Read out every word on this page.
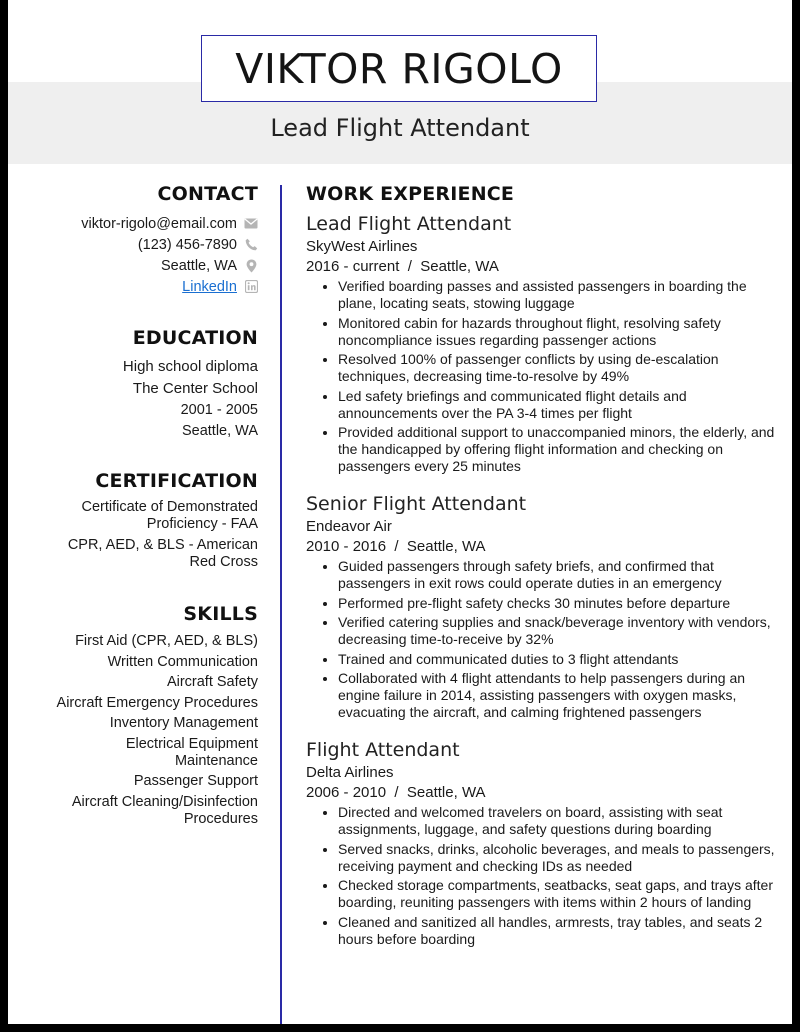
VIKTOR RIGOLO
Lead Flight Attendant
CONTACT
viktor-rigolo@email.com
(123) 456-7890
Seattle, WA
LinkedIn
EDUCATION
High school diploma
The Center School
2001 - 2005
Seattle, WA
CERTIFICATION
Certificate of Demonstrated Proficiency - FAA
CPR, AED, & BLS - American Red Cross
SKILLS
First Aid (CPR, AED, & BLS)
Written Communication
Aircraft Safety
Aircraft Emergency Procedures
Inventory Management
Electrical Equipment Maintenance
Passenger Support
Aircraft Cleaning/Disinfection Procedures
WORK EXPERIENCE
Lead Flight Attendant
SkyWest Airlines
2016 - current  /  Seattle, WA
• Verified boarding passes and assisted passengers in boarding the plane, locating seats, stowing luggage
• Monitored cabin for hazards throughout flight, resolving safety noncompliance issues regarding passenger actions
• Resolved 100% of passenger conflicts by using de-escalation techniques, decreasing time-to-resolve by 49%
• Led safety briefings and communicated flight details and announcements over the PA 3-4 times per flight
• Provided additional support to unaccompanied minors, the elderly, and the handicapped by offering flight information and checking on passengers every 25 minutes
Senior Flight Attendant
Endeavor Air
2010 - 2016  /  Seattle, WA
• Guided passengers through safety briefs, and confirmed that passengers in exit rows could operate duties in an emergency
• Performed pre-flight safety checks 30 minutes before departure
• Verified catering supplies and snack/beverage inventory with vendors, decreasing time-to-receive by 32%
• Trained and communicated duties to 3 flight attendants
• Collaborated with 4 flight attendants to help passengers during an engine failure in 2014, assisting passengers with oxygen masks, evacuating the aircraft, and calming frightened passengers
Flight Attendant
Delta Airlines
2006 - 2010  /  Seattle, WA
• Directed and welcomed travelers on board, assisting with seat assignments, luggage, and safety questions during boarding
• Served snacks, drinks, alcoholic beverages, and meals to passengers, receiving payment and checking IDs as needed
• Checked storage compartments, seatbacks, seat gaps, and trays after boarding, reuniting passengers with items within 2 hours of landing
• Cleaned and sanitized all handles, armrests, tray tables, and seats 2 hours before boarding
